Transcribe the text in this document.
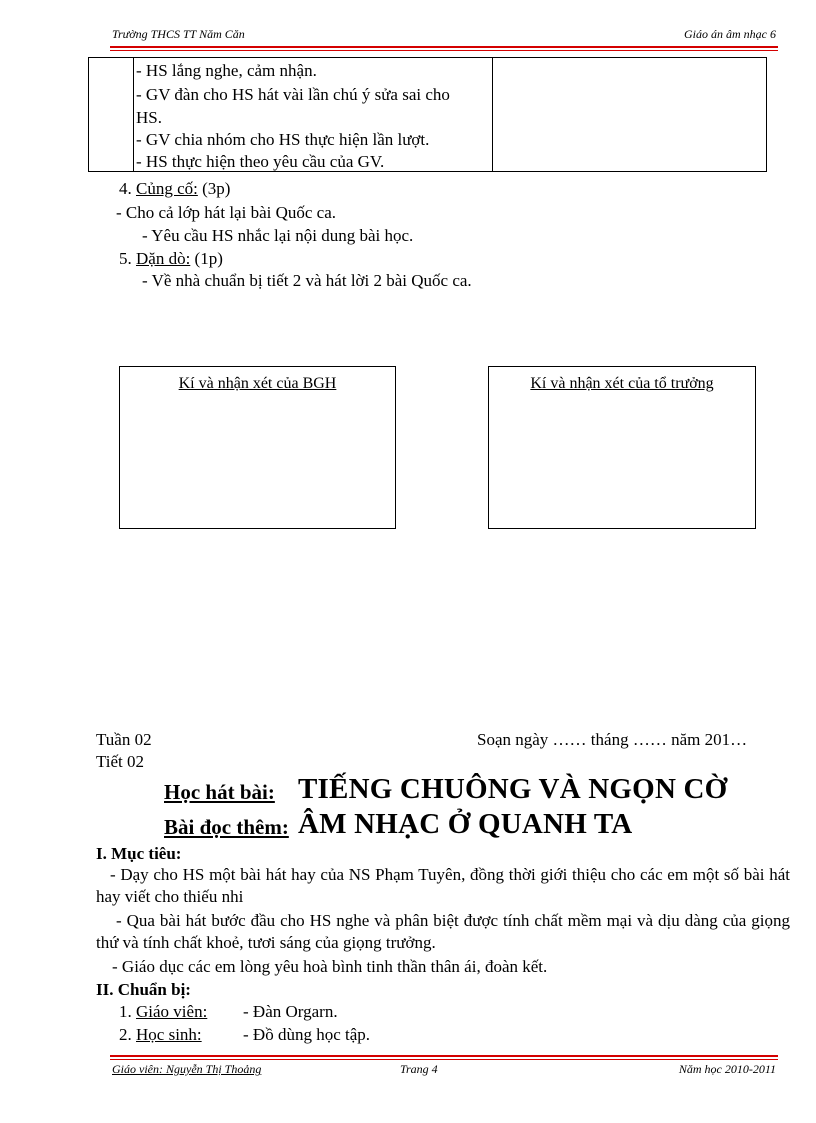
Trường THCS TT Năm Căn	Giáo án âm nhạc 6
- HS lắng nghe, cảm nhận.
- GV đàn cho HS hát vài lần chú ý sửa sai cho
HS.
- GV chia nhóm cho HS thực hiện lần lượt.
- HS thực hiện theo yêu cầu của GV.
4. Củng cố: (3p)
- Cho cả lớp hát lại bài Quốc ca.
- Yêu cầu HS nhắc lại nội dung bài học.
5. Dặn dò: (1p)
- Về nhà chuẩn bị tiết 2 và hát lời 2 bài Quốc ca.
Kí và nhận xét của BGH	Kí và nhận xét của tổ trưởng
Tuần 02
Tiết 02
Soạn ngày …… tháng …… năm 201…
Học hát bài: TIẾNG CHUÔNG VÀ NGỌN CỜ
Bài đọc thêm: ÂM NHẠC Ở QUANH TA
I. Mục tiêu:
- Dạy cho HS một bài hát hay của NS Phạm Tuyên, đồng thời giới thiệu cho các em một số bài hát hay viết cho thiếu nhi
- Qua bài hát bước đầu cho HS nghe và phân biệt được tính chất mềm mại và dịu dàng của giọng thứ và tính chất khoẻ, tươi sáng của giọng trưởng.
- Giáo dục các em lòng yêu hoà bình tinh thần thân ái, đoàn kết.
II. Chuẩn bị:
1. Giáo viên: - Đàn Orgarn.
2. Học sinh: - Đồ dùng học tập.
Giáo viên: Nguyễn Thị Thoảng	Trang 4	Năm học 2010-2011
